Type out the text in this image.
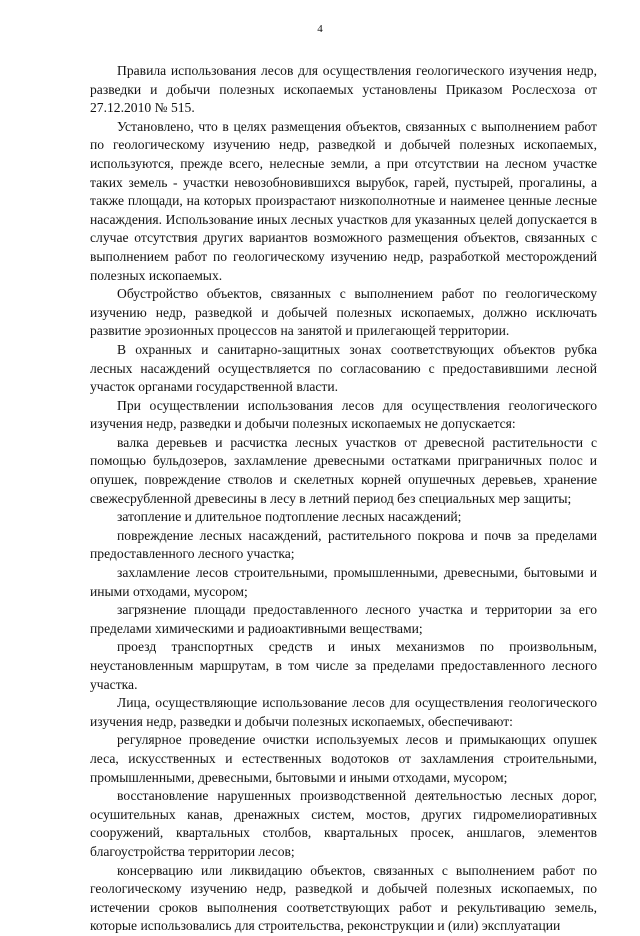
4

Правила использования лесов для осуществления геологического изучения недр, разведки и добычи полезных ископаемых установлены Приказом Рослесхоза от 27.12.2010 № 515.

Установлено, что в целях размещения объектов, связанных с выполнением работ по геологическому изучению недр, разведкой и добычей полезных ископаемых, используются, прежде всего, нелесные земли, а при отсутствии на лесном участке таких земель - участки невозобновившихся вырубок, гарей, пустырей, прогалины, а также площади, на которых произрастают низкополнотные и наименее ценные лесные насаждения. Использование иных лесных участков для указанных целей допускается в случае отсутствия других вариантов возможного размещения объектов, связанных с выполнением работ по геологическому изучению недр, разработкой месторождений полезных ископаемых.

Обустройство объектов, связанных с выполнением работ по геологическому изучению недр, разведкой и добычей полезных ископаемых, должно исключать развитие эрозионных процессов на занятой и прилегающей территории.

В охранных и санитарно-защитных зонах соответствующих объектов рубка лесных насаждений осуществляется по согласованию с предоставившими лесной участок органами государственной власти.

При осуществлении использования лесов для осуществления геологического изучения недр, разведки и добычи полезных ископаемых не допускается:

валка деревьев и расчистка лесных участков от древесной растительности с помощью бульдозеров, захламление древесными остатками приграничных полос и опушек, повреждение стволов и скелетных корней опушечных деревьев, хранение свежесрубленной древесины в лесу в летний период без специальных мер защиты;

затопление и длительное подтопление лесных насаждений;

повреждение лесных насаждений, растительного покрова и почв за пределами предоставленного лесного участка;

захламление лесов строительными, промышленными, древесными, бытовыми и иными отходами, мусором;

загрязнение площади предоставленного лесного участка и территории за его пределами химическими и радиоактивными веществами;

проезд транспортных средств и иных механизмов по произвольным, неустановленным маршрутам, в том числе за пределами предоставленного лесного участка.

Лица, осуществляющие использование лесов для осуществления геологического изучения недр, разведки и добычи полезных ископаемых, обеспечивают:

регулярное проведение очистки используемых лесов и примыкающих опушек леса, искусственных и естественных водотоков от захламления строительными, промышленными, древесными, бытовыми и иными отходами, мусором;

восстановление нарушенных производственной деятельностью лесных дорог, осушительных канав, дренажных систем, мостов, других гидромелиоративных сооружений, квартальных столбов, квартальных просек, аншлагов, элементов благоустройства территории лесов;

консервацию или ликвидацию объектов, связанных с выполнением работ по геологическому изучению недр, разведкой и добычей полезных ископаемых, по истечении сроков выполнения соответствующих работ и рекультивацию земель, которые использовались для строительства, реконструкции и (или) эксплуатации
